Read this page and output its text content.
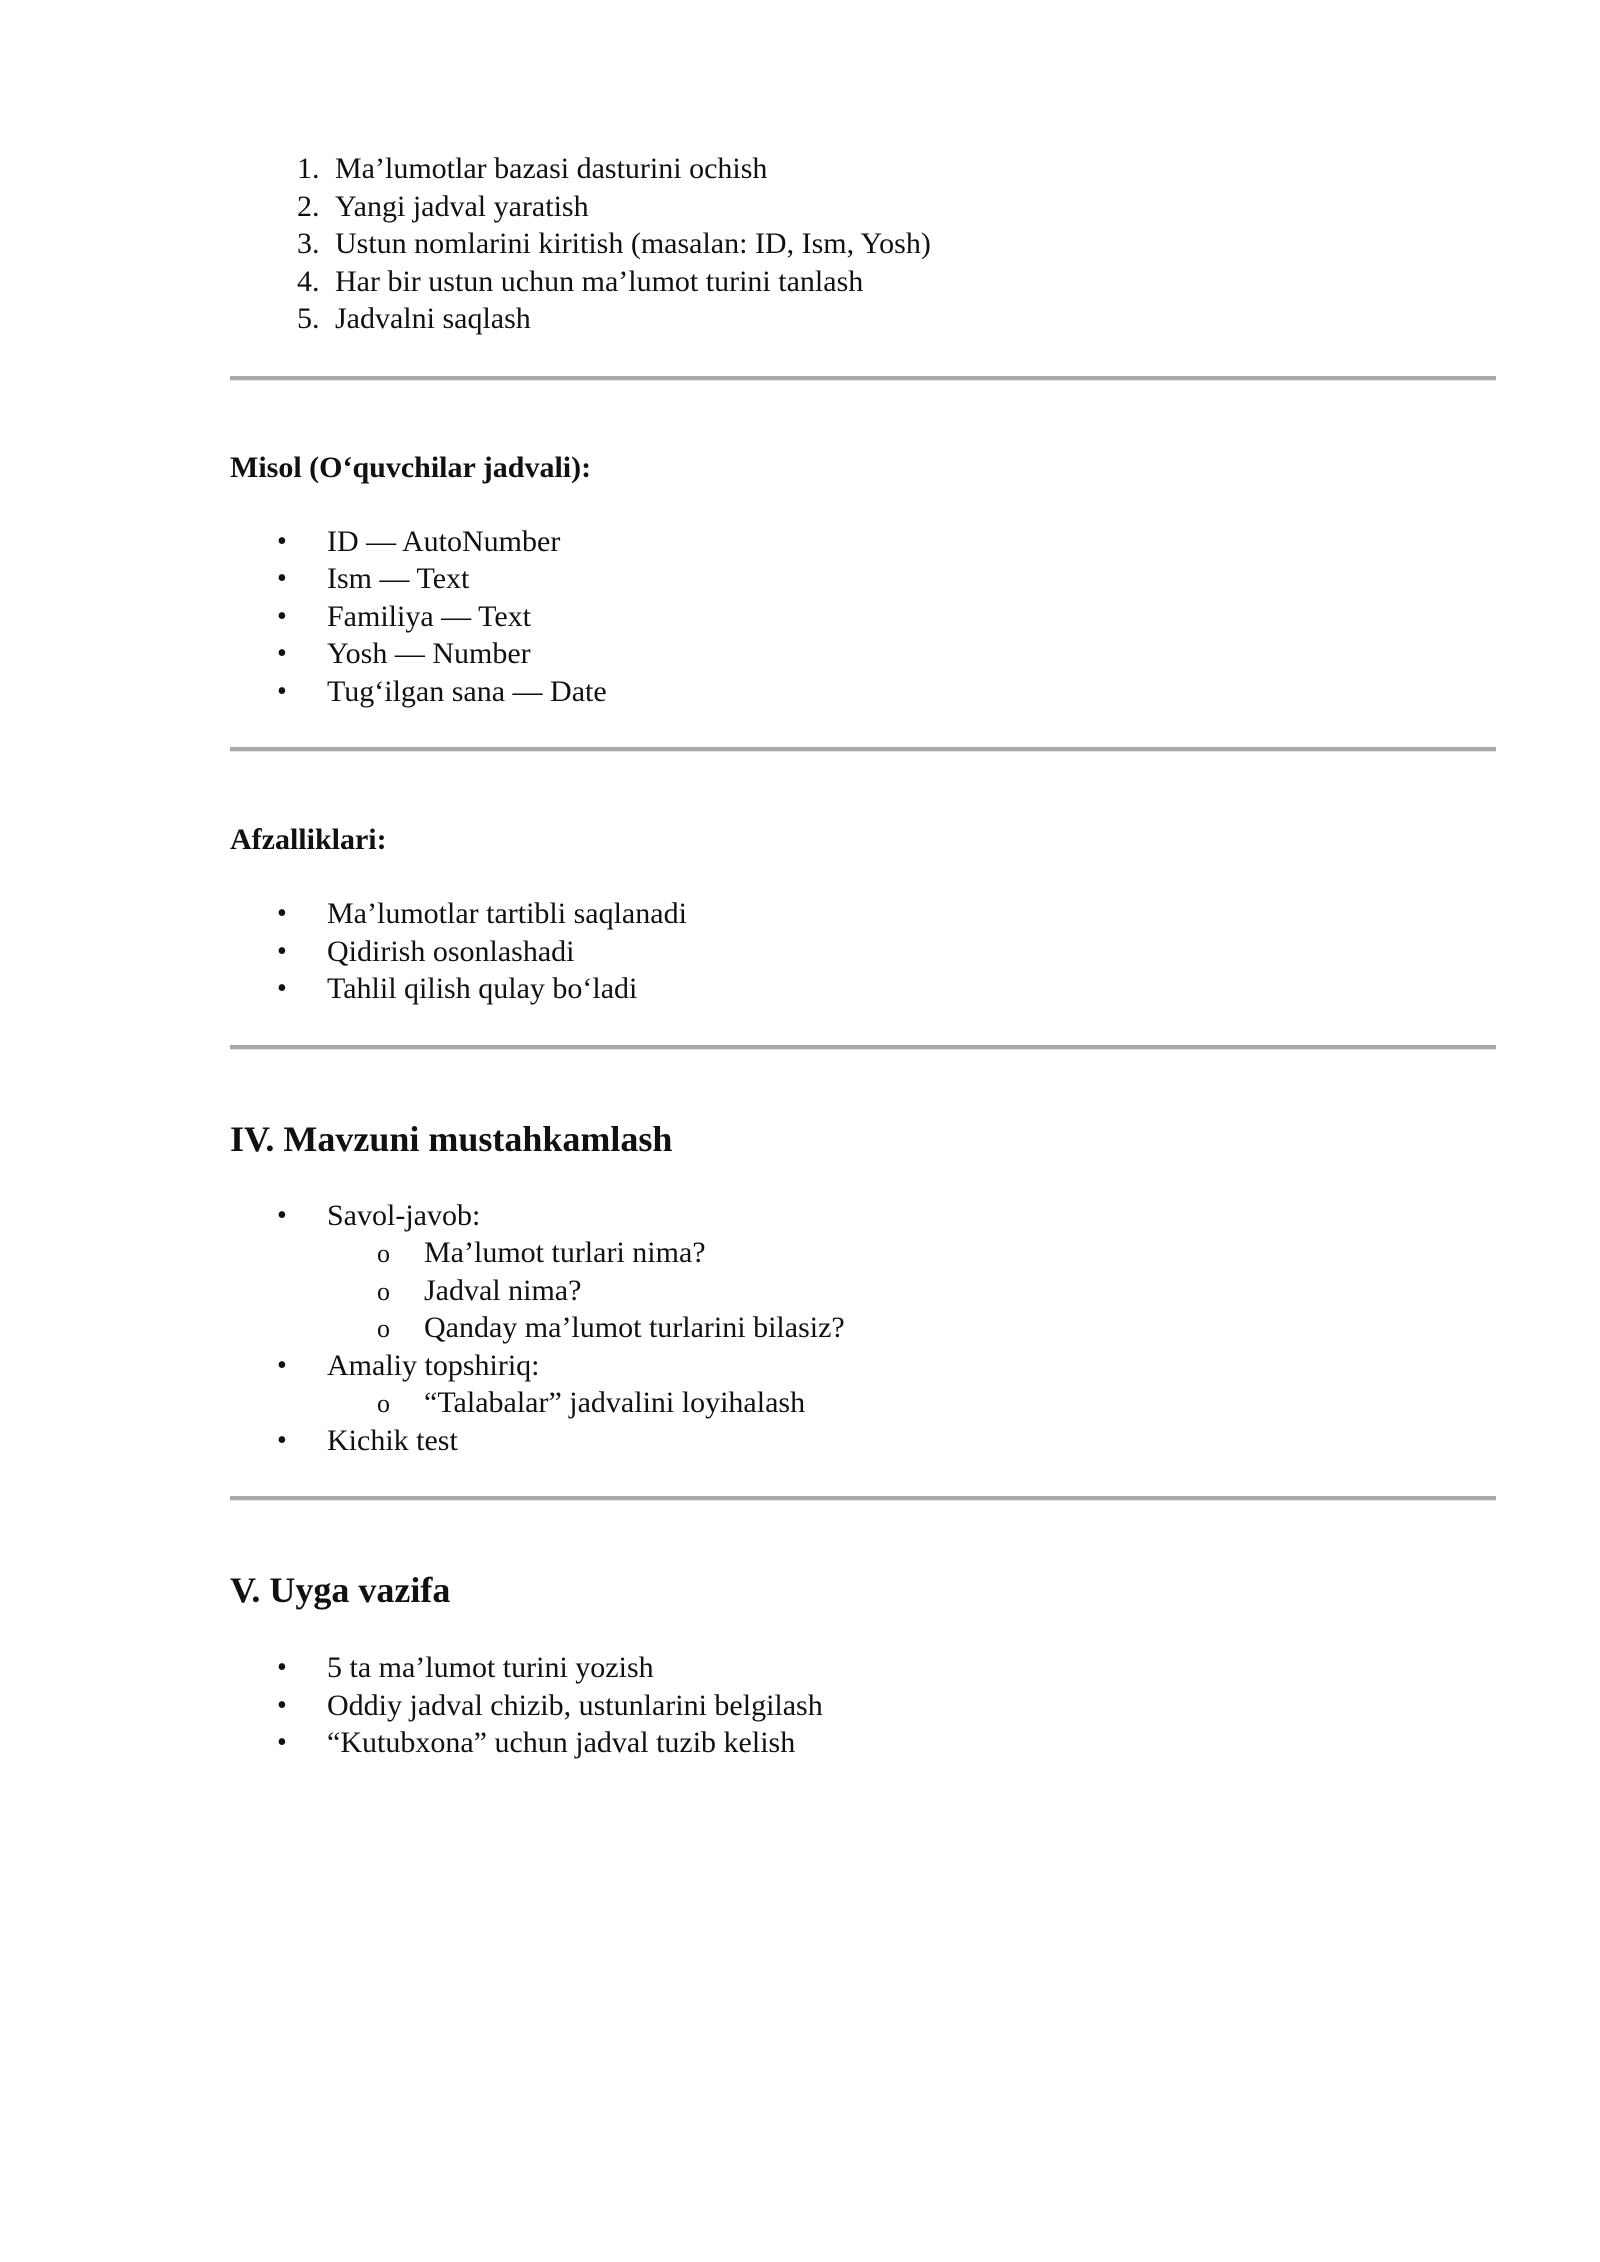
1. Ma’lumotlar bazasi dasturini ochish
2. Yangi jadval yaratish
3. Ustun nomlarini kiritish (masalan: ID, Ism, Yosh)
4. Har bir ustun uchun ma’lumot turini tanlash
5. Jadvalni saqlash

Misol (O‘quvchilar jadvali):

• ID — AutoNumber
• Ism — Text
• Familiya — Text
• Yosh — Number
• Tug‘ilgan sana — Date

Afzalliklari:

• Ma’lumotlar tartibli saqlanadi
• Qidirish osonlashadi
• Tahlil qilish qulay bo‘ladi
IV. Mavzuni mustahkamlash
• Savol-javob:
o Ma’lumot turlari nima?
o Jadval nima?
o Qanday ma’lumot turlarini bilasiz?
• Amaliy topshiriq:
o “Talabalar” jadvalini loyihalash
• Kichik test
V. Uyga vazifa
• 5 ta ma’lumot turini yozish
• Oddiy jadval chizib, ustunlarini belgilash
• “Kutubxona” uchun jadval tuzib kelish
